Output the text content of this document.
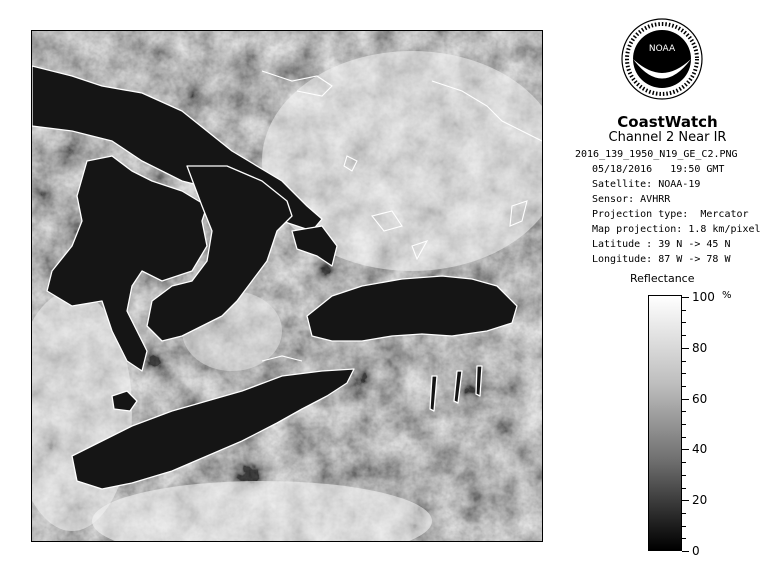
NOAA
CoastWatch
Channel 2 Near IR
2016_139_1950_N19_GE_C2.PNG
05/18/2016   19:50 GMT
Satellite: NOAA-19
Sensor: AVHRR
Projection type:  Mercator
Map projection: 1.8 km/pixel
Latitude : 39 N -> 45 N
Longitude: 87 W -> 78 W
Reflectance
100
80
60
40
20
0
%
